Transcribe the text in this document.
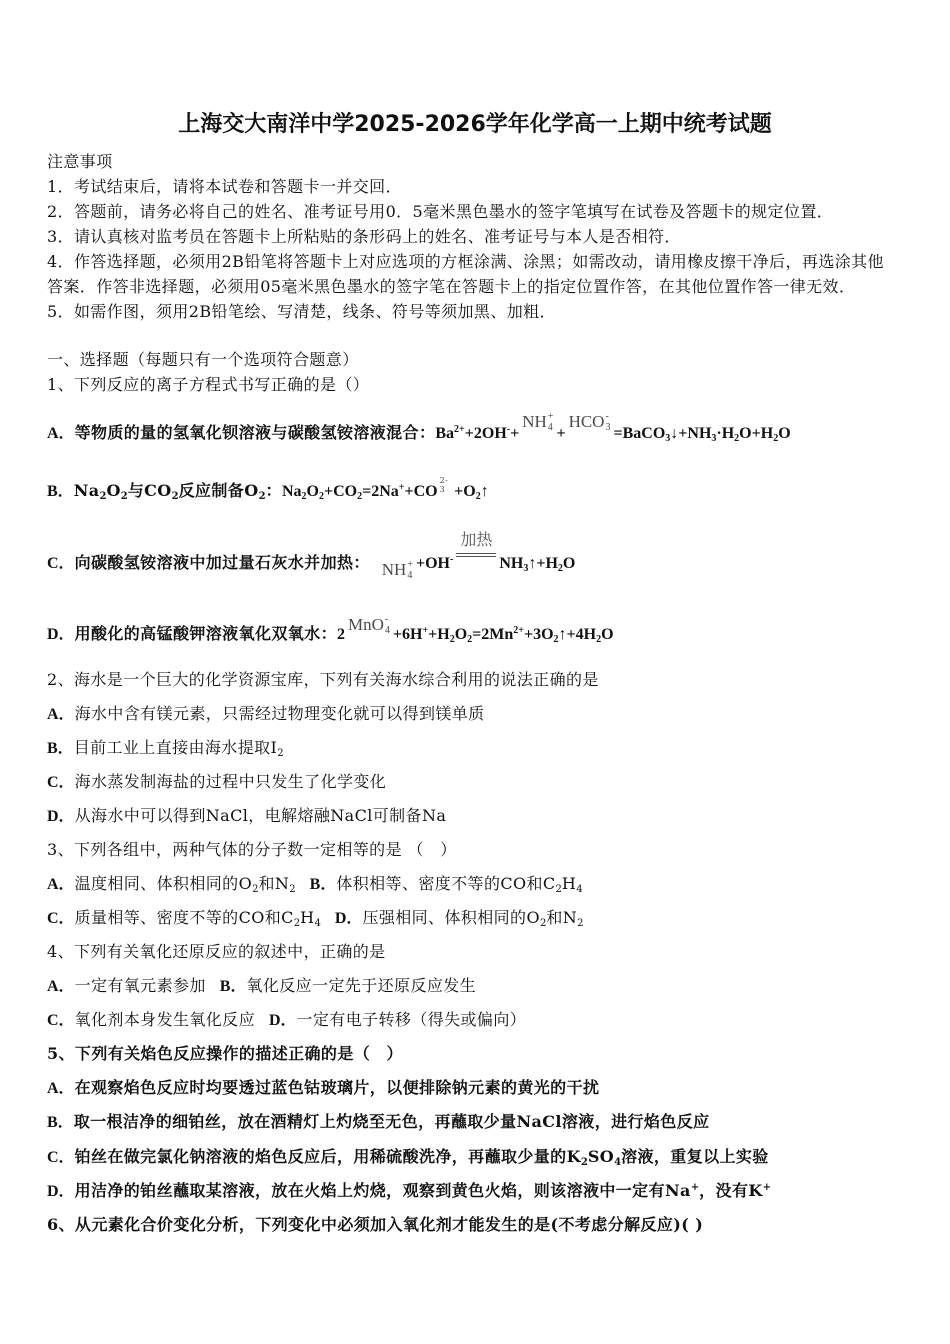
上海交大南洋中学2025-2026学年化学高一上期中统考试题
注意事项
1．考试结束后，请将本试卷和答题卡一并交回．
2．答题前，请务必将自己的姓名、准考证号用0．5毫米黑色墨水的签字笔填写在试卷及答题卡的规定位置．
3．请认真核对监考员在答题卡上所粘贴的条形码上的姓名、准考证号与本人是否相符．
4．作答选择题，必须用2B铅笔将答题卡上对应选项的方框涂满、涂黑；如需改动，请用橡皮擦干净后，再选涂其他
答案．作答非选择题，必须用05毫米黑色墨水的签字笔在答题卡上的指定位置作答，在其他位置作答一律无效．
5．如需作图，须用2B铅笔绘、写清楚，线条、符号等须加黑、加粗．
一、选择题（每题只有一个选项符合题意）
1、下列反应的离子方程式书写正确的是（）
A．等物质的量的氢氧化钡溶液与碳酸氢铵溶液混合：$Ba^{2+}+2OH^-+$
NH +
4 +
HCO -
$3 =BaCO_3↓+NH_3\cdot H_2O+H_2O$
B．$Na_2O_2$与$CO_2$反应制备$O_2$：$Na_2O_2+CO_2=2Na^++CO$
2-
$3 +O_2↑$
C．向碳酸氢铵溶液中加过量石灰水并加热： NH +
4
+OH-
加热
$NH_3↑+H_2O$
D．用酸化的高锰酸钾溶液氧化双氧水：2
MnO -
$4 +6H^++H_2O_2=2Mn^{2+}+3O_2↑+4H_2O$
2、海水是一个巨大的化学资源宝库，下列有关海水综合利用的说法正确的是
A．海水中含有镁元素，只需经过物理变化就可以得到镁单质
B．目前工业上直接由海水提取$I_2$
C．海水蒸发制海盐的过程中只发生了化学变化
D．从海水中可以得到NaCl，电解熔融NaCl可制备Na
3、下列各组中，两种气体的分子数一定相等的是 （　）
A．温度相同、体积相同的$O_2$和$N_2$ B．体积相等、密度不等的CO和$C_2H_4$
C．质量相等、密度不等的CO和$C_2H_4$ D．压强相同、体积相同的$O_2$和$N_2$
4、下列有关氧化还原反应的叙述中，正确的是
A．一定有氧元素参加 B．氧化反应一定先于还原反应发生
C．氧化剂本身发生氧化反应 D．一定有电子转移（得失或偏向）
5、下列有关焰色反应操作的描述正确的是（　）
A．在观察焰色反应时均要透过蓝色钴玻璃片，以便排除钠元素的黄光的干扰
B．取一根洁净的细铂丝，放在酒精灯上灼烧至无色，再蘸取少量NaCl溶液，进行焰色反应
C．铂丝在做完氯化钠溶液的焰色反应后，用稀硫酸洗净，再蘸取少量的$K_2SO_4$溶液，重复以上实验
D．用洁净的铂丝蘸取某溶液，放在火焰上灼烧，观察到黄色火焰，则该溶液中一定有Na+，没有K+
6、从元素化合价变化分析，下列变化中必须加入氧化剂才能发生的是(不考虑分解反应)( )
